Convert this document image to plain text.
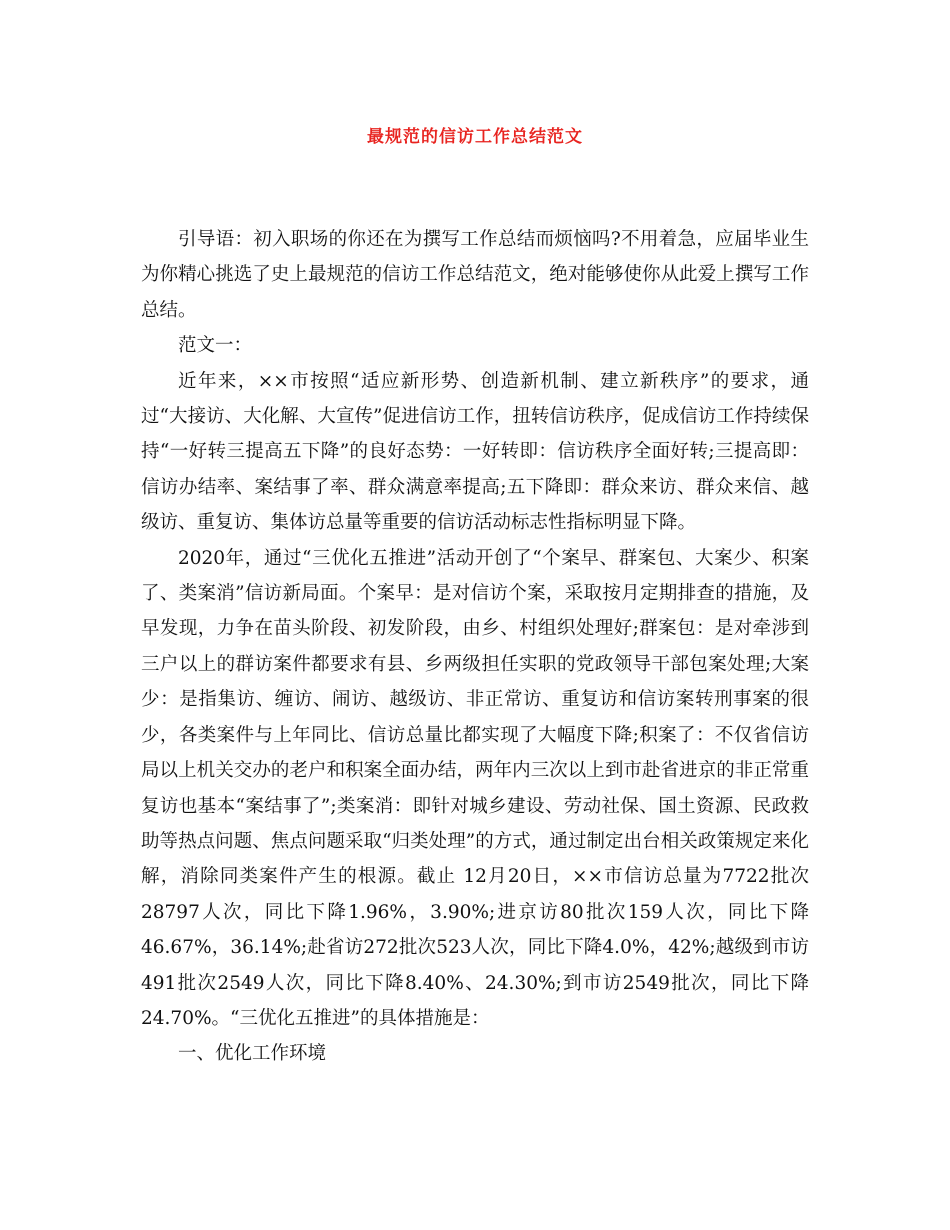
最规范的信访工作总结范文

引导语：初入职场的你还在为撰写工作总结而烦恼吗?不用着急，应届毕业生为你精心挑选了史上最规范的信访工作总结范文，绝对能够使你从此爱上撰写工作总结。

范文一：

近年来，××市按照“适应新形势、创造新机制、建立新秩序”的要求，通过“大接访、大化解、大宣传”促进信访工作，扭转信访秩序，促成信访工作持续保持“一好转三提高五下降”的良好态势：一好转即：信访秩序全面好转;三提高即：信访办结率、案结事了率、群众满意率提高;五下降即：群众来访、群众来信、越级访、重复访、集体访总量等重要的信访活动标志性指标明显下降。

2020年，通过“三优化五推进”活动开创了“个案早、群案包、大案少、积案了、类案消”信访新局面。个案早：是对信访个案，采取按月定期排查的措施，及早发现，力争在苗头阶段、初发阶段，由乡、村组织处理好;群案包：是对牵涉到三户以上的群访案件都要求有县、乡两级担任实职的党政领导干部包案处理;大案少：是指集访、缠访、闹访、越级访、非正常访、重复访和信访案转刑事案的很少，各类案件与上年同比、信访总量比都实现了大幅度下降;积案了：不仅省信访局以上机关交办的老户和积案全面办结，两年内三次以上到市赴省进京的非正常重复访也基本“案结事了”;类案消：即针对城乡建设、劳动社保、国土资源、民政救助等热点问题、焦点问题采取“归类处理”的方式，通过制定出台相关政策规定来化解，消除同类案件产生的根源。截止 12月20日，××市信访总量为7722批次28797人次，同比下降1.96%，3.90%;进京访80批次159人次，同比下降46.67%，36.14%;赴省访272批次523人次，同比下降4.0%，42%;越级到市访491批次2549人次，同比下降8.40%、24.30%;到市访2549批次，同比下降24.70%。“三优化五推进”的具体措施是：

一、优化工作环境
